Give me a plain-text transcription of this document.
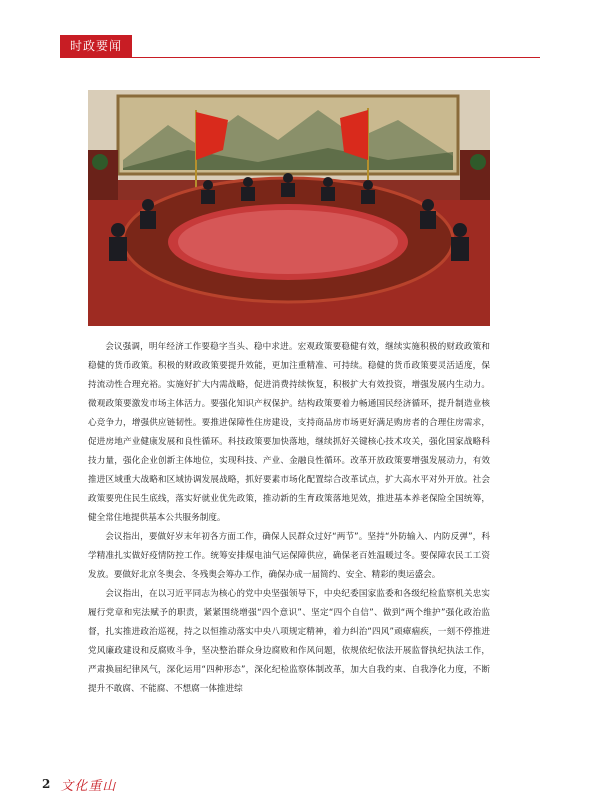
时政要闻

会议强调，明年经济工作要稳字当头、稳中求进。宏观政策要稳健有效，继续实施积极的财政政策和稳健的货币政策。积极的财政政策要提升效能，更加注重精准、可持续。稳健的货币政策要灵活适度，保持流动性合理充裕。实施好扩大内需战略，促进消费持续恢复，积极扩大有效投资，增强发展内生动力。微观政策要激发市场主体活力。要强化知识产权保护。结构政策要着力畅通国民经济循环，提升制造业核心竞争力，增强供应链韧性。要推进保障性住房建设，支持商品房市场更好满足购房者的合理住房需求，促进房地产业健康发展和良性循环。科技政策要加快落地，继续抓好关键核心技术攻关，强化国家战略科技力量，强化企业创新主体地位，实现科技、产业、金融良性循环。改革开放政策要增强发展动力，有效推进区域重大战略和区域协调发展战略，抓好要素市场化配置综合改革试点，扩大高水平对外开放。社会政策要兜住民生底线，落实好就业优先政策，推动新的生育政策落地见效，推进基本养老保险全国统筹，健全常住地提供基本公共服务制度。

会议指出，要做好岁末年初各方面工作，确保人民群众过好“两节”。坚持“外防输入、内防反弹”，科学精准扎实做好疫情防控工作。统筹安排煤电油气运保障供应，确保老百姓温暖过冬。要保障农民工工资发放。要做好北京冬奥会、冬残奥会筹办工作，确保办成一届简约、安全、精彩的奥运盛会。

会议指出，在以习近平同志为核心的党中央坚强领导下，中央纪委国家监委和各级纪检监察机关忠实履行党章和宪法赋予的职责，紧紧围绕增强“四个意识”、坚定“四个自信”、做到“两个维护”强化政治监督，扎实推进政治巡视，持之以恒推动落实中央八项规定精神，着力纠治“四风”顽瘴痼疾，一刻不停推进党风廉政建设和反腐败斗争，坚决整治群众身边腐败和作风问题，依规依纪依法开展监督执纪执法工作，严肃换届纪律风气，深化运用“四种形态”，深化纪检监察体制改革，加大自我约束、自我净化力度，不断提升不敢腐、不能腐、不想腐一体推进综

2 文化重山
